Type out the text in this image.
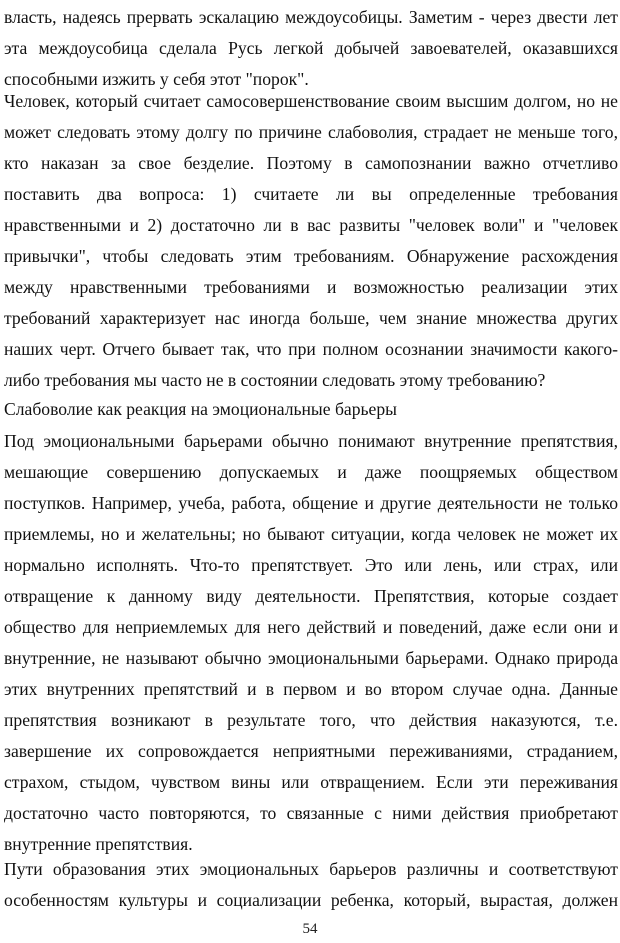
власть, надеясь прервать эскалацию междоусобицы. Заметим - через двести лет
эта междоусобица сделала Русь легкой добычей завоевателей, оказавшихся
способными изжить у себя этот "порок".
Человек, который считает самосовершенствование своим высшим долгом, но не
может следовать этому долгу по причине слабоволия, страдает не меньше того,
кто наказан за свое безделие. Поэтому в самопознании важно отчетливо
поставить два вопроса: 1) считаете ли вы определенные требования
нравственными и 2) достаточно ли в вас развиты "человек воли" и "человек
привычки", чтобы следовать этим требованиям. Обнаружение расхождения
между нравственными требованиями и возможностью реализации этих
требований характеризует нас иногда больше, чем знание множества других
наших черт. Отчего бывает так, что при полном осознании значимости какого-
либо требования мы часто не в состоянии следовать этому требованию?
Слабоволие как реакция на эмоциональные барьеры
Под эмоциональными барьерами обычно понимают внутренние препятствия,
мешающие совершению допускаемых и даже поощряемых обществом
поступков. Например, учеба, работа, общение и другие деятельности не только
приемлемы, но и желательны; но бывают ситуации, когда человек не может их
нормально исполнять. Что-то препятствует. Это или лень, или страх, или
отвращение к данному виду деятельности. Препятствия, которые создает
общество для неприемлемых для него действий и поведений, даже если они и
внутренние, не называют обычно эмоциональными барьерами. Однако природа
этих внутренних препятствий и в первом и во втором случае одна. Данные
препятствия возникают в результате того, что действия наказуются, т.е.
завершение их сопровождается неприятными переживаниями, страданием,
страхом, стыдом, чувством вины или отвращением. Если эти переживания
достаточно часто повторяются, то связанные с ними действия приобретают
внутренние препятствия.
Пути образования этих эмоциональных барьеров различны и соответствуют
особенностям культуры и социализации ребенка, который, вырастая, должен
54
